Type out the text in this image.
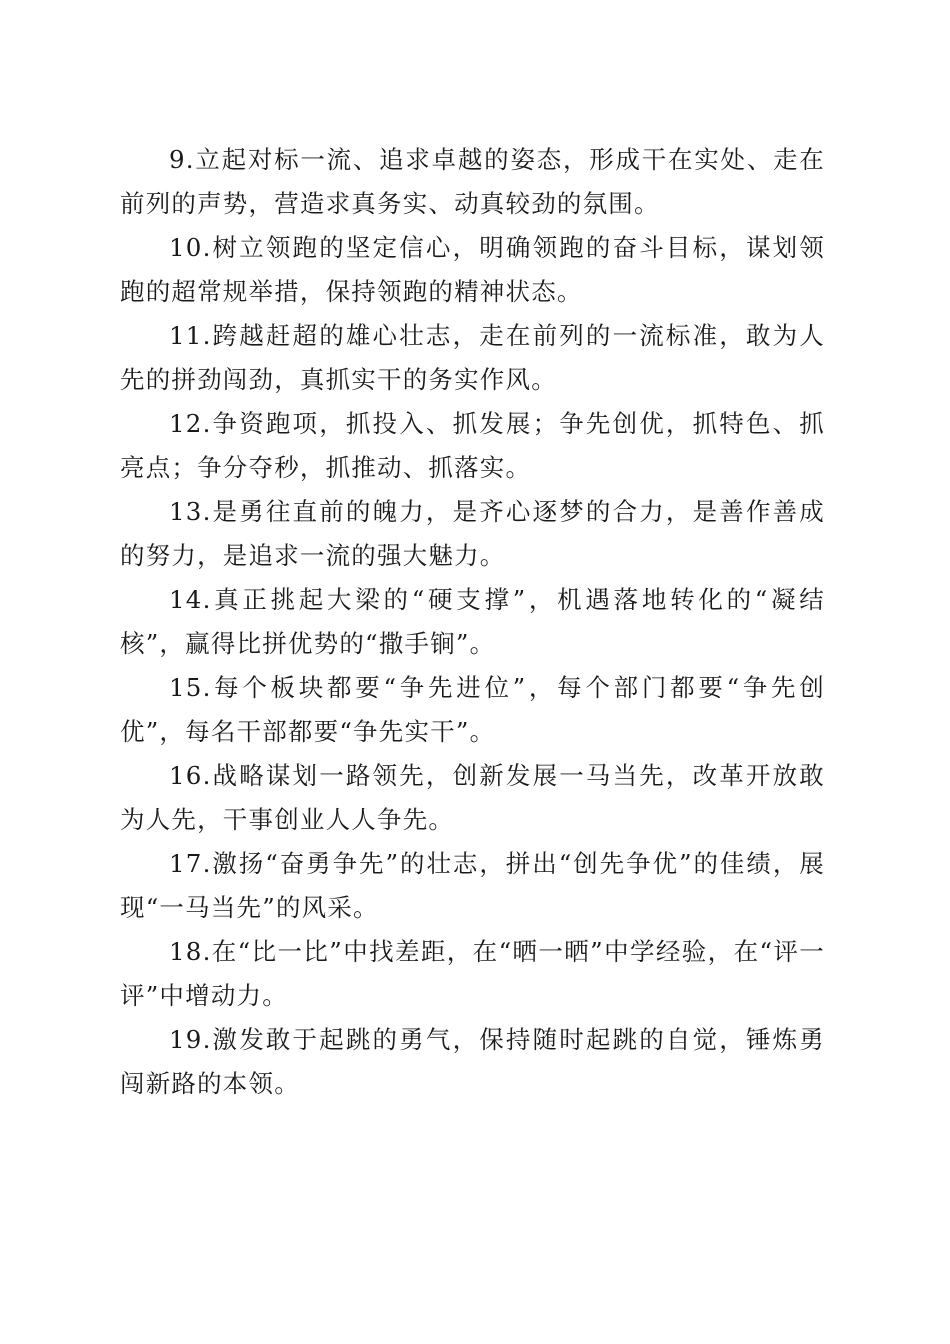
9.立起对标一流、追求卓越的姿态，形成干在实处、走在前列的声势，营造求真务实、动真较劲的氛围。

10.树立领跑的坚定信心，明确领跑的奋斗目标，谋划领跑的超常规举措，保持领跑的精神状态。

11.跨越赶超的雄心壮志，走在前列的一流标准，敢为人先的拼劲闯劲，真抓实干的务实作风。

12.争资跑项，抓投入、抓发展；争先创优，抓特色、抓亮点；争分夺秒，抓推动、抓落实。

13.是勇往直前的魄力，是齐心逐梦的合力，是善作善成的努力，是追求一流的强大魅力。

14.真正挑起大梁的“硬支撑”，机遇落地转化的“凝结核”，赢得比拼优势的“撒手锏”。

15.每个板块都要“争先进位”，每个部门都要“争先创优”，每名干部都要“争先实干”。

16.战略谋划一路领先，创新发展一马当先，改革开放敢为人先，干事创业人人争先。

17.激扬“奋勇争先”的壮志，拼出“创先争优”的佳绩，展现“一马当先”的风采。

18.在“比一比”中找差距，在“晒一晒”中学经验，在“评一评”中增动力。

19.激发敢于起跳的勇气，保持随时起跳的自觉，锤炼勇闯新路的本领。
